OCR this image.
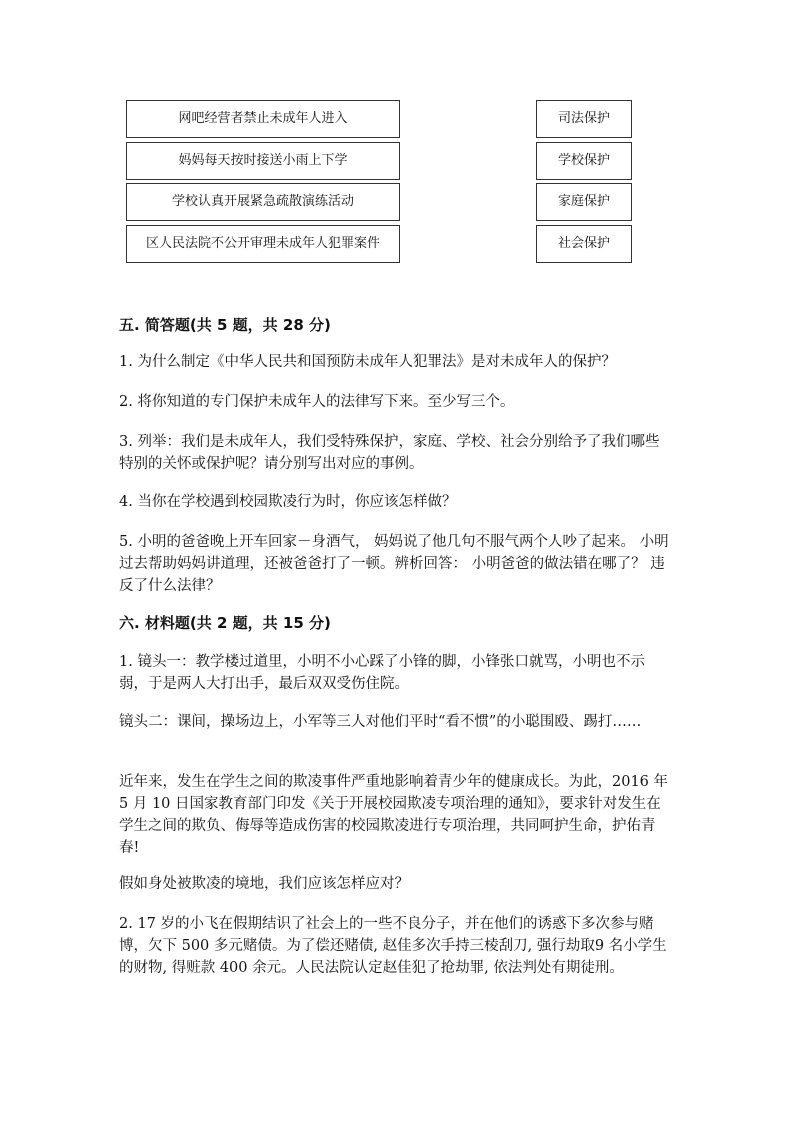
网吧经营者禁止未成年人进入
妈妈每天按时接送小雨上下学
学校认真开展紧急疏散演练活动
区人民法院不公开审理未成年人犯罪案件
司法保护
学校保护
家庭保护
社会保护
五. 简答题(共 5 题，共 28 分)

1. 为什么制定《中华人民共和国预防未成年人犯罪法》是对未成年人的保护？

2. 将你知道的专门保护未成年人的法律写下来。至少写三个。

3. 列举：我们是未成年人，我们受特殊保护，家庭、学校、社会分别给予了我们哪些特别的关怀或保护呢？请分别写出对应的事例。

4. 当你在学校遇到校园欺凌行为时，你应该怎样做？

5. 小明的爸爸晚上开车回家－身酒气， 妈妈说了他几句不服气两个人吵了起来。 小明过去帮助妈妈讲道理，还被爸爸打了一顿。辨析回答： 小明爸爸的做法错在哪了？ 违反了什么法律？

六. 材料题(共 2 题，共 15 分)

1. 镜头一：教学楼过道里，小明不小心踩了小锋的脚，小锋张口就骂，小明也不示弱，于是两人大打出手，最后双双受伤住院。

镜头二：课间，操场边上，小军等三人对他们平时“看不惯”的小聪围殴、踢打……

近年来，发生在学生之间的欺凌事件严重地影响着青少年的健康成长。为此，2016 年 5 月 10 日国家教育部门印发《关于开展校园欺凌专项治理的通知》，要求针对发生在学生之间的欺负、侮辱等造成伤害的校园欺凌进行专项治理，共同呵护生命，护佑青春!

假如身处被欺凌的境地，我们应该怎样应对？

2. 17 岁的小飞在假期结识了社会上的一些不良分子，并在他们的诱惑下多次参与赌博，欠下 500 多元赌债。为了偿还赌债, 赵佳多次手持三棱刮刀, 强行劫取9 名小学生的财物, 得赃款 400 余元。人民法院认定赵佳犯了抢劫罪, 依法判处有期徒刑。
